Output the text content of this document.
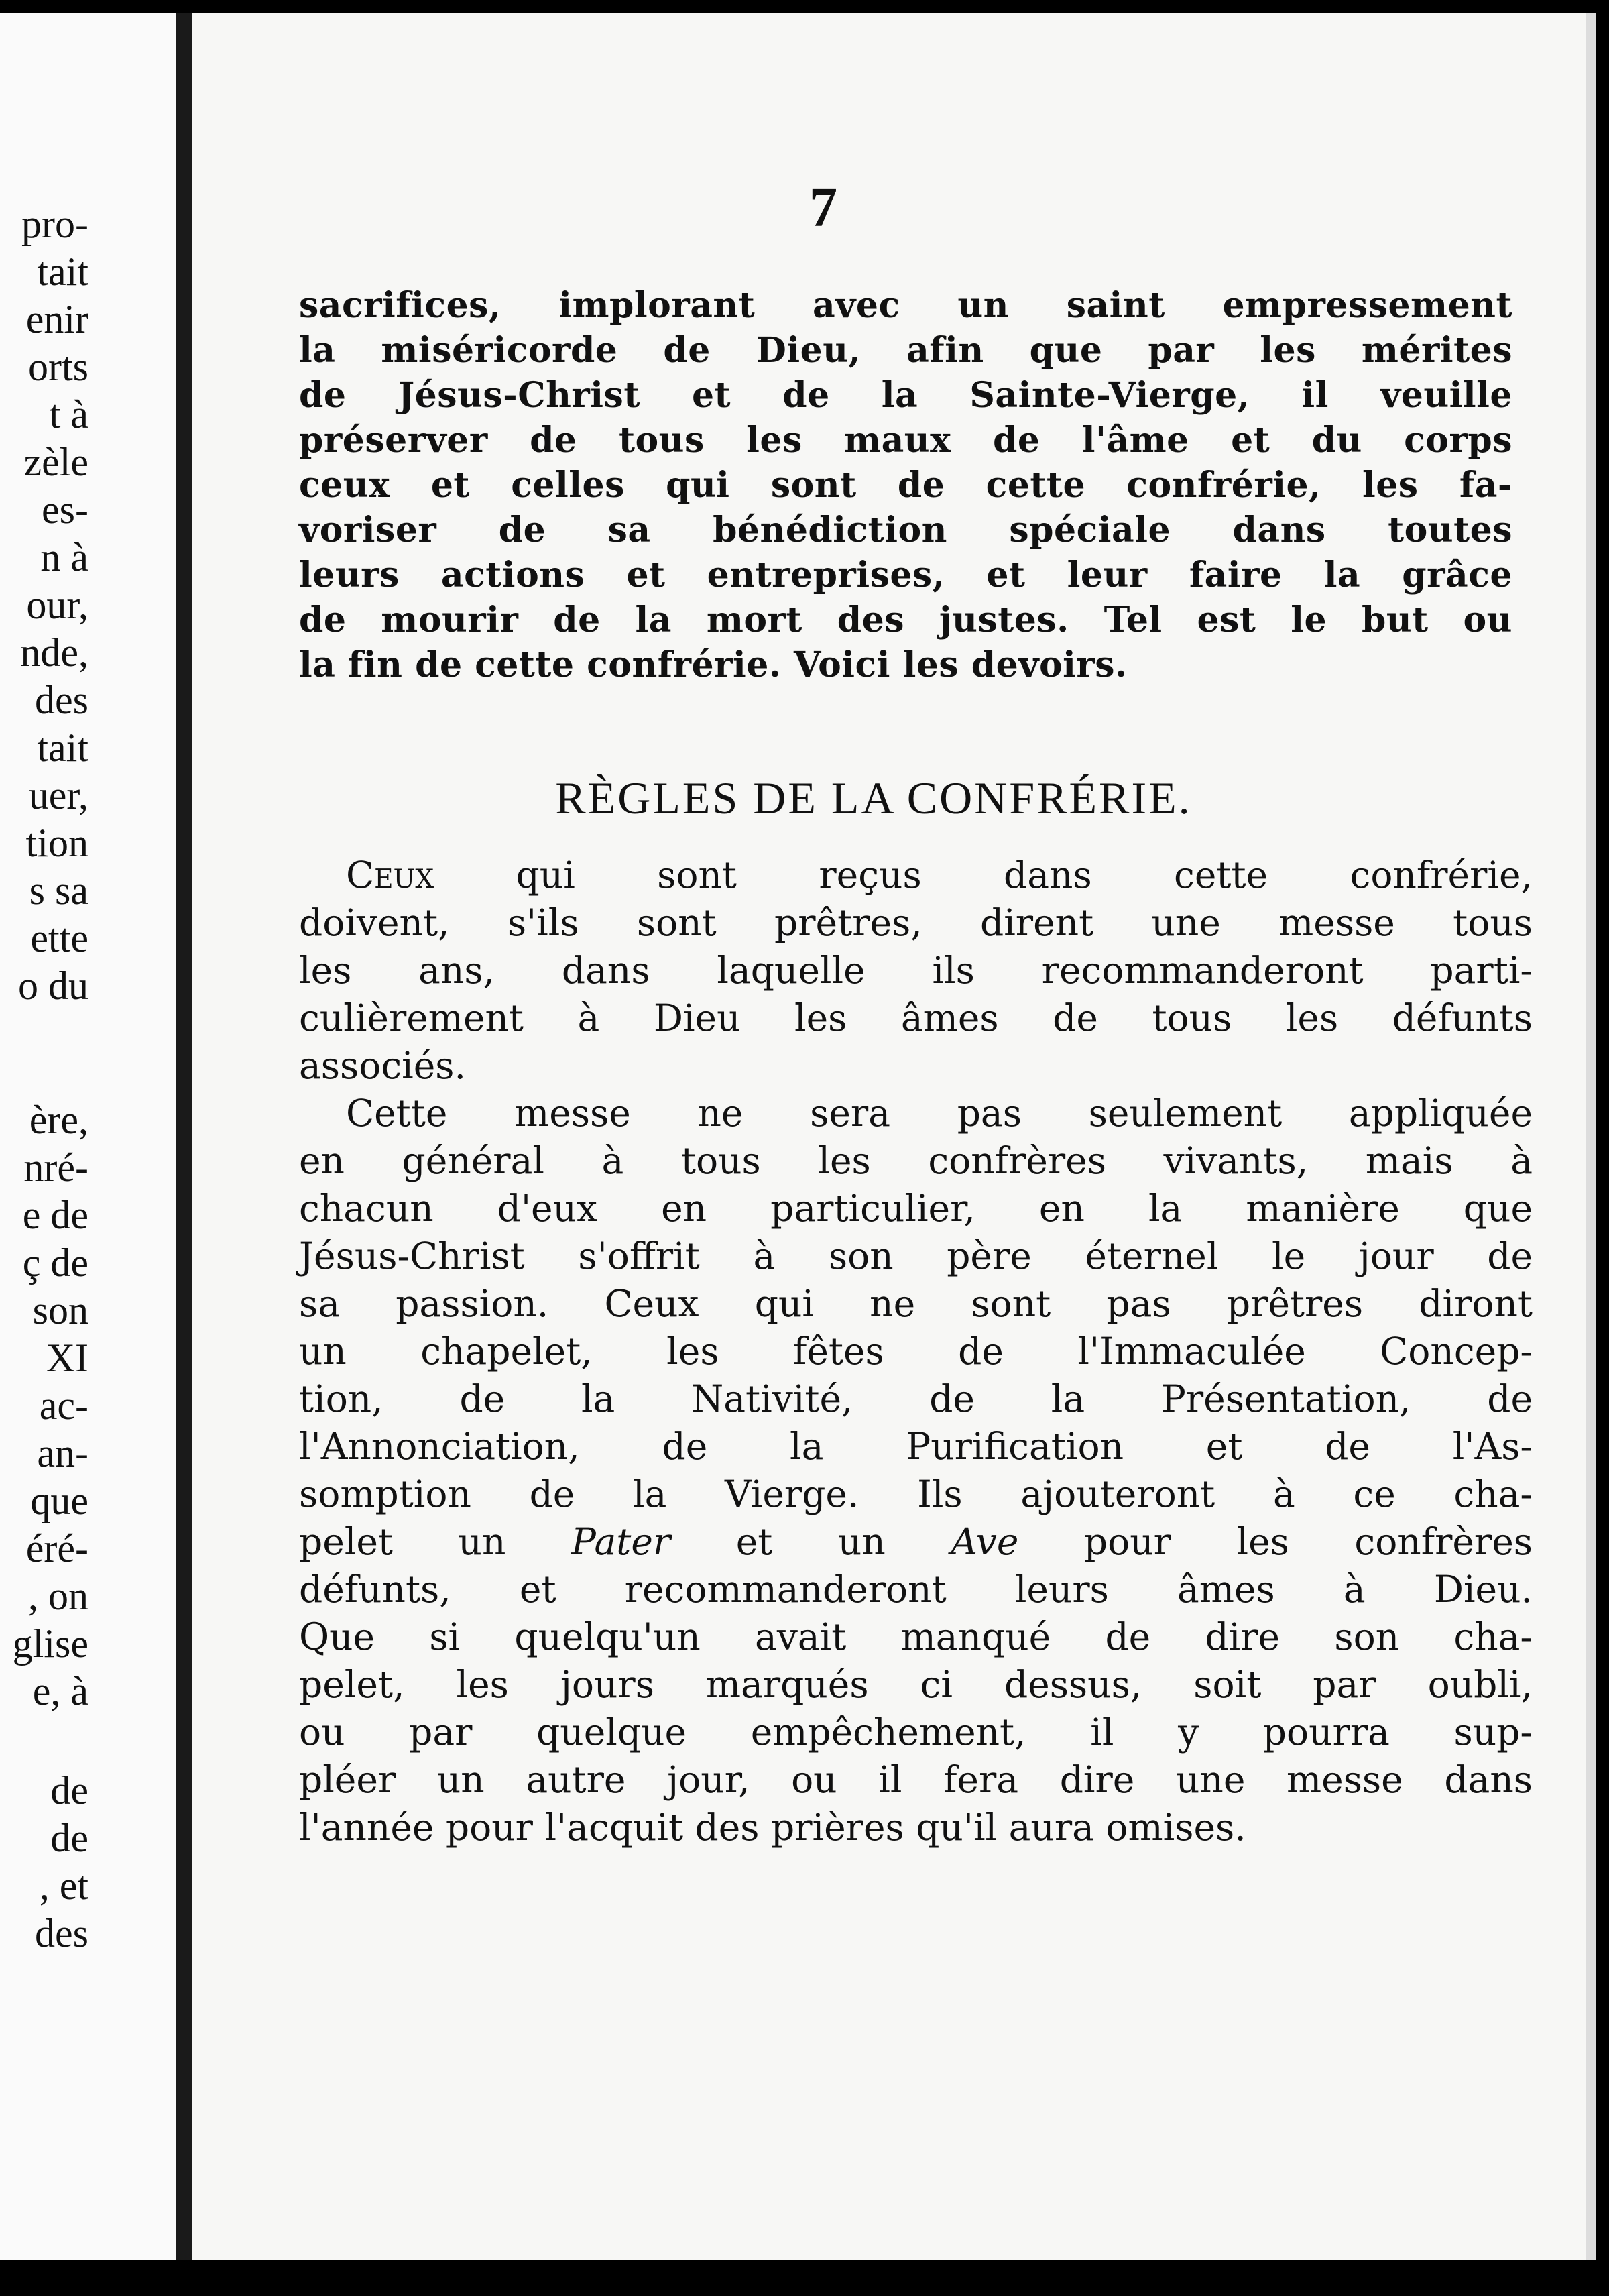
pro-
tait
enir
orts
t à
zèle
es-
n à
our,
nde,
des
tait
uer,
tion
s sa
ette
o du
ère,
nré-
e de
ç de
son
XI
ac-
an-
que
éré-
, on
glise
e, à
de
de
, et
des
7
sacrifices, implorant avec un saint empressement
la miséricorde de Dieu, afin que par les mérites
de Jésus-Christ et de la Sainte-Vierge, il veuille
préserver de tous les maux de l'âme et du corps
ceux et celles qui sont de cette confrérie, les fa-
voriser de sa bénédiction spéciale dans toutes
leurs actions et entreprises, et leur faire la grâce
de mourir de la mort des justes. Tel est le but ou
la fin de cette confrérie. Voici les devoirs.
RÈGLES DE LA CONFRÉRIE.
Ceux qui sont reçus dans cette confrérie,
doivent, s'ils sont prêtres, dirent une messe tous
les ans, dans laquelle ils recommanderont parti-
culièrement à Dieu les âmes de tous les défunts
associés.
Cette messe ne sera pas seulement appliquée
en général à tous les confrères vivants, mais à
chacun d'eux en particulier, en la manière que
Jésus-Christ s'offrit à son père éternel le jour de
sa passion. Ceux qui ne sont pas prêtres diront
un chapelet, les fêtes de l'Immaculée Concep-
tion, de la Nativité, de la Présentation, de
l'Annonciation, de la Purification et de l'As-
somption de la Vierge. Ils ajouteront à ce cha-
pelet un Pater et un Ave pour les confrères
défunts, et recommanderont leurs âmes à Dieu.
Que si quelqu'un avait manqué de dire son cha-
pelet, les jours marqués ci dessus, soit par oubli,
ou par quelque empêchement, il y pourra sup-
pléer un autre jour, ou il fera dire une messe dans
l'année pour l'acquit des prières qu'il aura omises.
